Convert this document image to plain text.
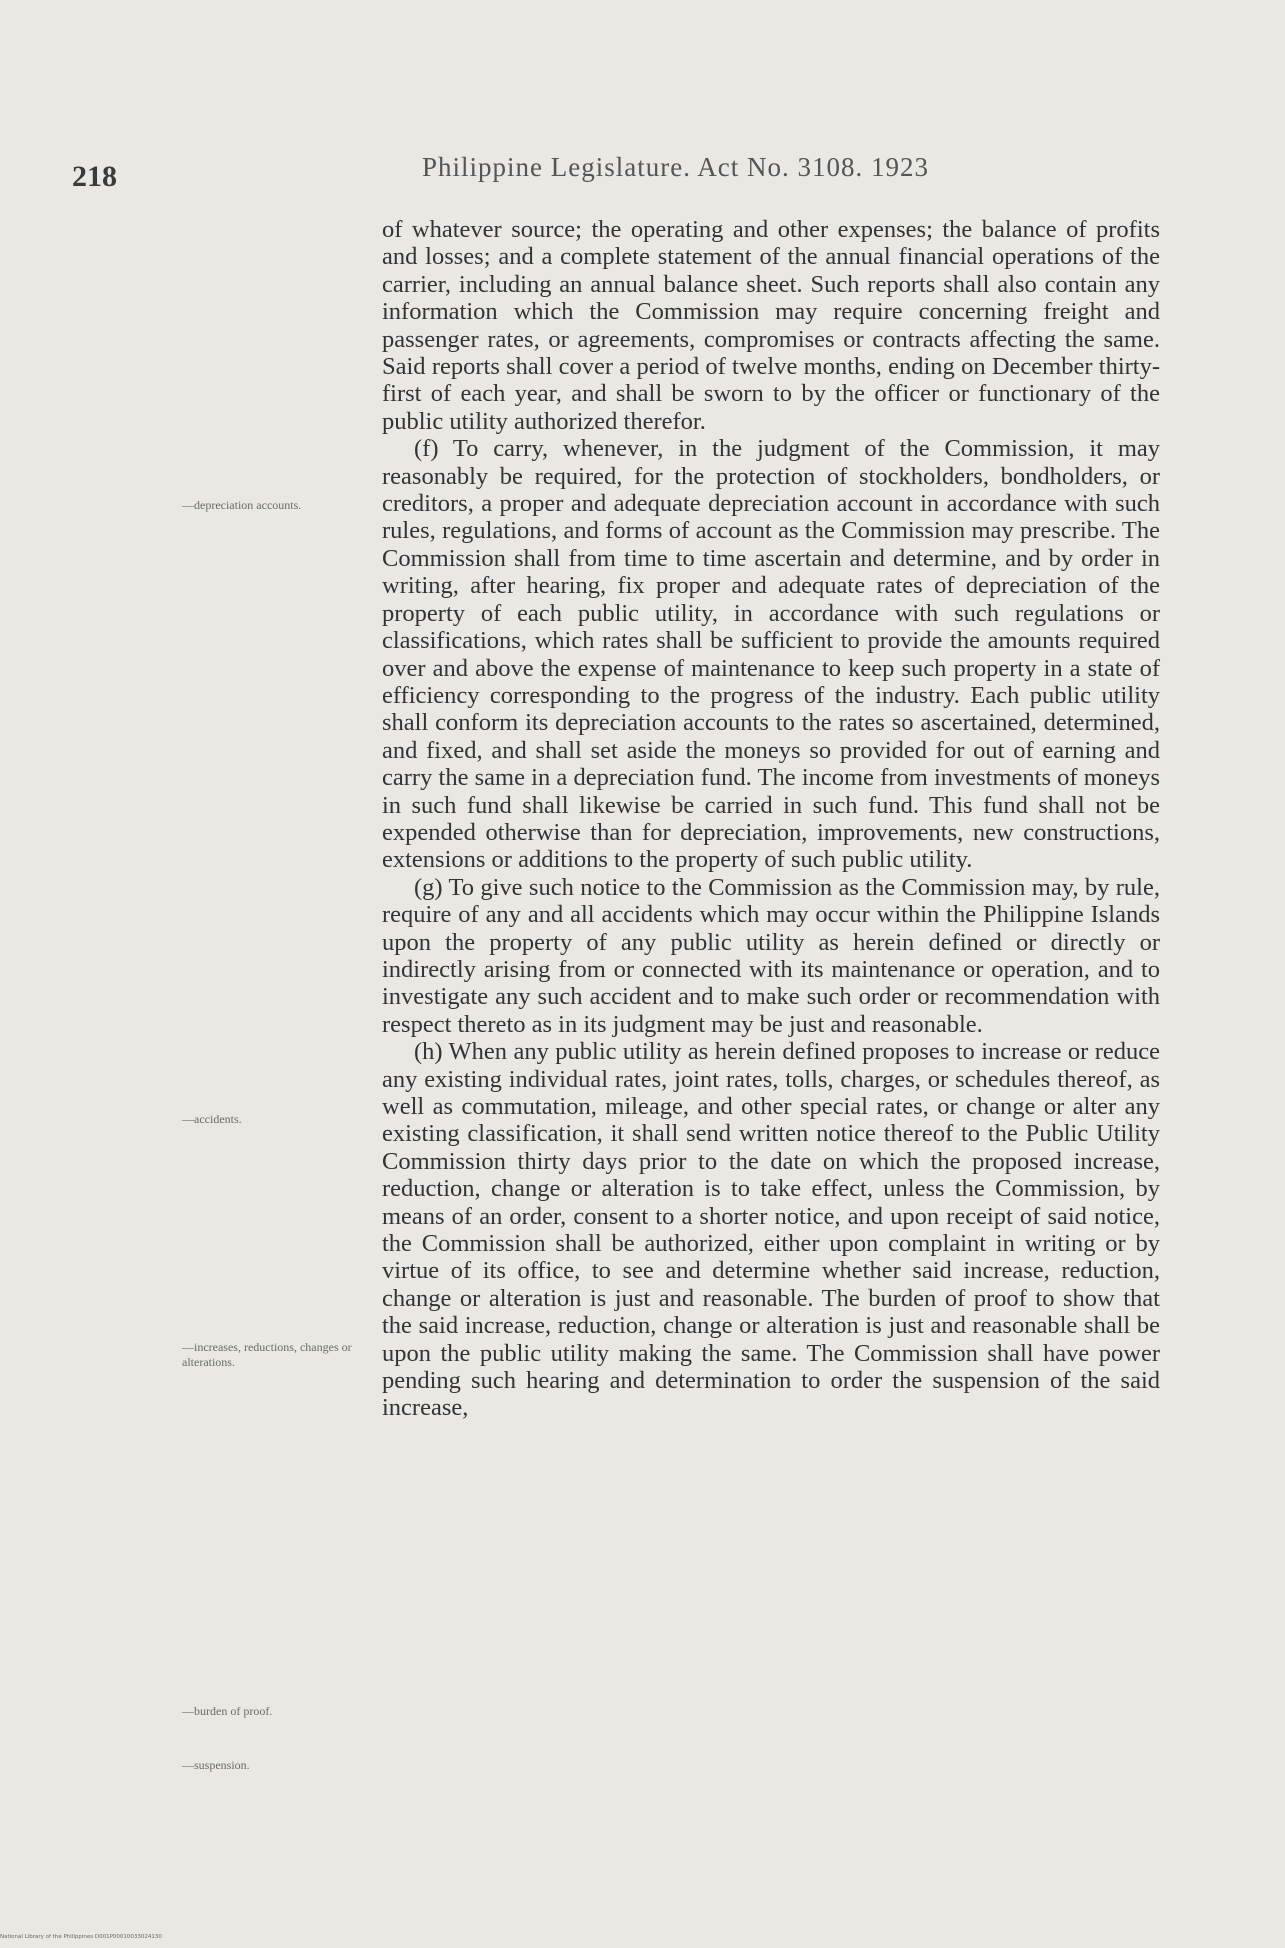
218	Philippine Legislature. Act No. 3108. 1923

of whatever source; the operating and other expenses; the balance of profits and losses; and a complete statement of the annual financial operations of the carrier, including an annual balance sheet. Such reports shall also contain any information which the Commission may require concerning freight and passenger rates, or agreements, compromises or contracts affecting the same. Said reports shall cover a period of twelve months, ending on December thirty-first of each year, and shall be sworn to by the officer or functionary of the public utility authorized therefor.

(f) To carry, whenever, in the judgment of the Commission, it may reasonably be required, for the protection of stockholders, bondholders, or creditors, a proper and adequate depreciation account in accordance with such rules, regulations, and forms of account as the Commission may prescribe. The Commission shall from time to time ascertain and determine, and by order in writing, after hearing, fix proper and adequate rates of depreciation of the property of each public utility, in accordance with such regulations or classifications, which rates shall be sufficient to provide the amounts required over and above the expense of maintenance to keep such property in a state of efficiency corresponding to the progress of the industry. Each public utility shall conform its depreciation accounts to the rates so ascertained, determined, and fixed, and shall set aside the moneys so provided for out of earning and carry the same in a depreciation fund. The income from investments of moneys in such fund shall likewise be carried in such fund. This fund shall not be expended otherwise than for depreciation, improvements, new constructions, extensions or additions to the property of such public utility.

(g) To give such notice to the Commission as the Commission may, by rule, require of any and all accidents which may occur within the Philippine Islands upon the property of any public utility as herein defined or directly or indirectly arising from or connected with its maintenance or operation, and to investigate any such accident and to make such order or recommendation with respect thereto as in its judgment may be just and reasonable.

(h) When any public utility as herein defined proposes to increase or reduce any existing individual rates, joint rates, tolls, charges, or schedules thereof, as well as commutation, mileage, and other special rates, or change or alter any existing classification, it shall send written notice thereof to the Public Utility Commission thirty days prior to the date on which the proposed increase, reduction, change or alteration is to take effect, unless the Commission, by means of an order, consent to a shorter notice, and upon receipt of said notice, the Commission shall be authorized, either upon complaint in writing or by virtue of its office, to see and determine whether said increase, reduction, change or alteration is just and reasonable. The burden of proof to show that the said increase, reduction, change or alteration is just and reasonable shall be upon the public utility making the same. The Commission shall have power pending such hearing and determination to order the suspension of the said increase,

—depreciation accounts.
—accidents.
—increases, reductions, changes or alterations.
—burden of proof.
—suspension.
National Library of the Philippines D001P00010033024130
